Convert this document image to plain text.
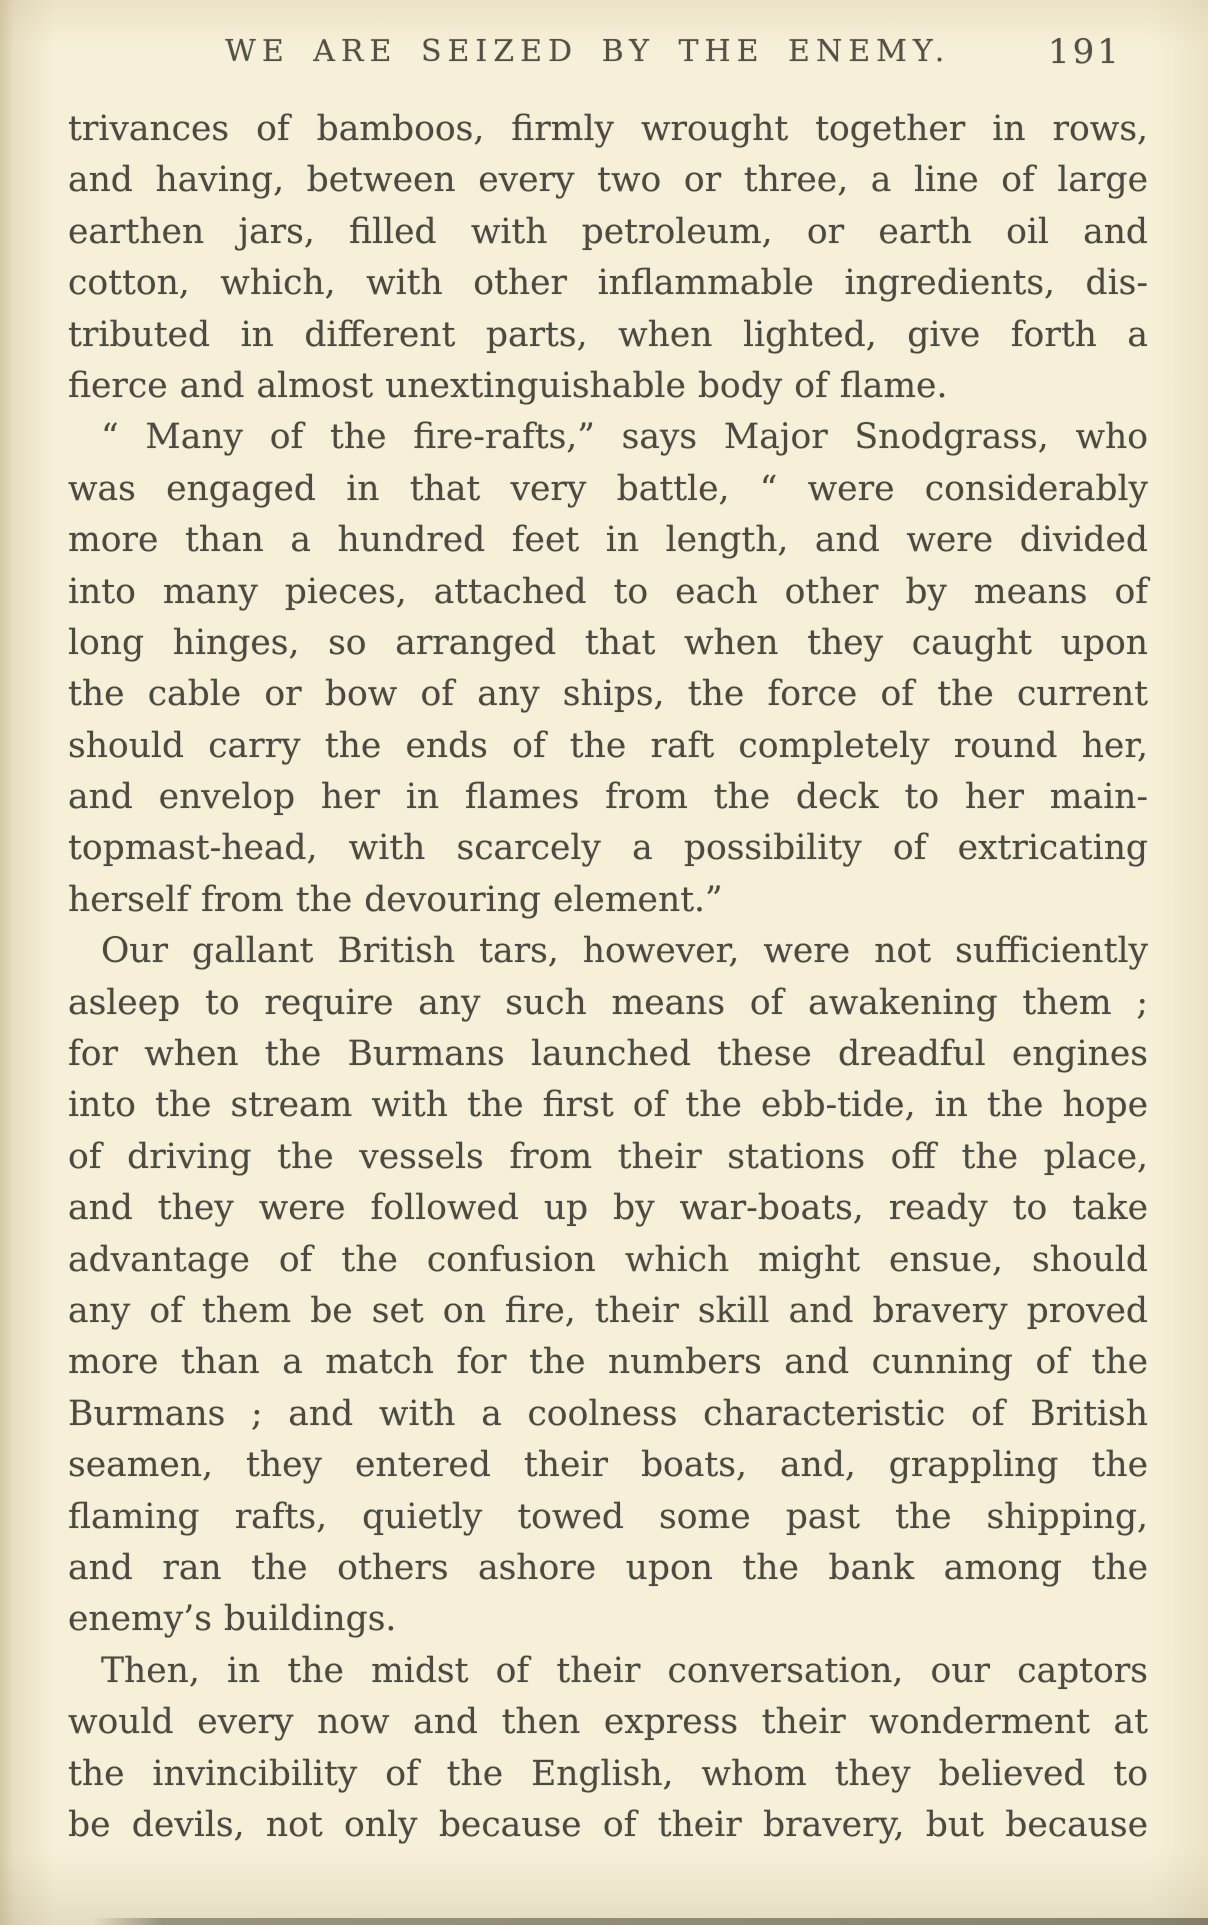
WE ARE SEIZED BY THE ENEMY.	191
trivances of bamboos, firmly wrought together in rows,
and having, between every two or three, a line of large
earthen jars, filled with petroleum, or earth oil and
cotton, which, with other inflammable ingredients, dis-
tributed in different parts, when lighted, give forth a
fierce and almost unextinguishable body of flame.
“ Many of the fire-rafts,” says Major Snodgrass, who
was engaged in that very battle, “ were considerably
more than a hundred feet in length, and were divided
into many pieces, attached to each other by means of
long hinges, so arranged that when they caught upon
the cable or bow of any ships, the force of the current
should carry the ends of the raft completely round her,
and envelop her in flames from the deck to her main-
topmast-head, with scarcely a possibility of extricating
herself from the devouring element.”
Our gallant British tars, however, were not sufficiently
asleep to require any such means of awakening them ;
for when the Burmans launched these dreadful engines
into the stream with the first of the ebb-tide, in the hope
of driving the vessels from their stations off the place,
and they were followed up by war-boats, ready to take
advantage of the confusion which might ensue, should
any of them be set on fire, their skill and bravery proved
more than a match for the numbers and cunning of the
Burmans ; and with a coolness characteristic of British
seamen, they entered their boats, and, grappling the
flaming rafts, quietly towed some past the shipping,
and ran the others ashore upon the bank among the
enemy’s buildings.
Then, in the midst of their conversation, our captors
would every now and then express their wonderment at
the invincibility of the English, whom they believed to
be devils, not only because of their bravery, but because
